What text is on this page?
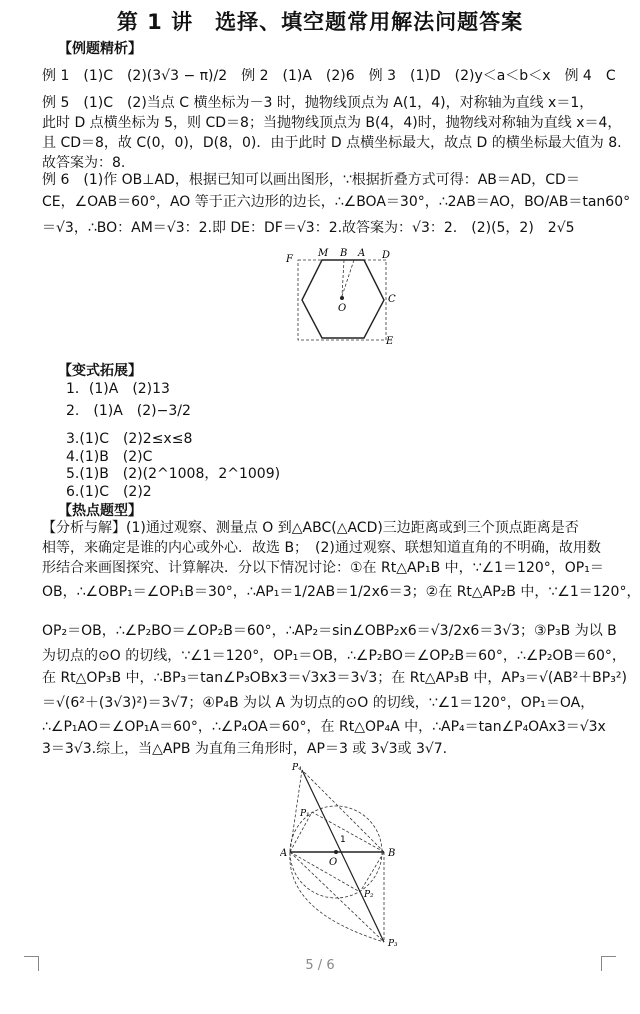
第 1 讲　选择、填空题常用解法问题答案
【例题精析】
例 1　(1)C　(2)(3√3 − π)/2　例 2　(1)A　(2)6　例 3　(1)D　(2)y＜a＜b＜x　例 4　C
例 5　(1)C　(2)当点 C 横坐标为－3 时，抛物线顶点为 A(1，4)，对称轴为直线 x＝1，
此时 D 点横坐标为 5，则 CD＝8；当抛物线顶点为 B(4，4)时，抛物线对称轴为直线 x＝4，
且 CD＝8，故 C(0，0)，D(8，0)．由于此时 D 点横坐标最大，故点 D 的横坐标最大值为 8.
故答案为：8.
例 6　(1)作 OB⊥AD，根据已知可以画出图形，∵根据折叠方式可得：AB＝AD，CD＝
CE，∠OAB＝60°，AO 等于正六边形的边长，∴∠BOA＝30°，∴2AB＝AO，BO/AB＝tan60°
＝√3，∴BO：AM＝√3：2.即 DE：DF＝√3：2.故答案为：√3：2.　(2)(5，2)　2√5
F
M B A D
O
C
E
【变式拓展】
1．(1)A　(2)13
2.　(1)A　(2)−3/2
3.(1)C　(2)2≤x≤8
4.(1)B　(2)C
5.(1)B　(2)(2^1008，2^1009)
6.(1)C　(2)2
【热点题型】
【分析与解】(1)通过观察、测量点 O 到△ABC(△ACD)三边距离或到三个顶点距离是否
相等，来确定是谁的内心或外心．故选 B；　(2)通过观察、联想知道直角的不明确，故用数
形结合来画图探究、计算解决．分以下情况讨论：①在 Rt△AP₁B 中，∵∠1＝120°，OP₁＝
OB，∴∠OBP₁＝∠OP₁B＝30°，∴AP₁＝1/2AB＝1/2x6＝3；②在 Rt△AP₂B 中，∵∠1＝120°，
OP₂＝OB，∴∠P₂BO＝∠OP₂B＝60°，∴AP₂＝sin∠OBP₂x6＝√3/2x6＝3√3；③P₃B 为以 B
为切点的⊙O 的切线，∵∠1＝120°，OP₁＝OB，∴∠P₂BO＝∠OP₂B＝60°，∴∠P₂OB＝60°，
在 Rt△OP₃B 中，∴BP₃＝tan∠P₃OBx3＝√3x3＝3√3；在 Rt△AP₃B 中，AP₃＝√(AB²＋BP₃²)
＝√(6²＋(3√3)²)＝3√7；④P₄B 为以 A 为切点的⊙O 的切线，∵∠1＝120°，OP₁＝OA，
∴∠P₁AO＝∠OP₁A＝60°，∴∠P₄OA＝60°，在 Rt△OP₄A 中，∴AP₄＝tan∠P₄OAx3＝√3x
3＝3√3.综上，当△APB 为直角三角形时，AP＝3 或 3√3或 3√7.
P₄
P₁
A
O
1
B
P₂
P₃
5 / 6
